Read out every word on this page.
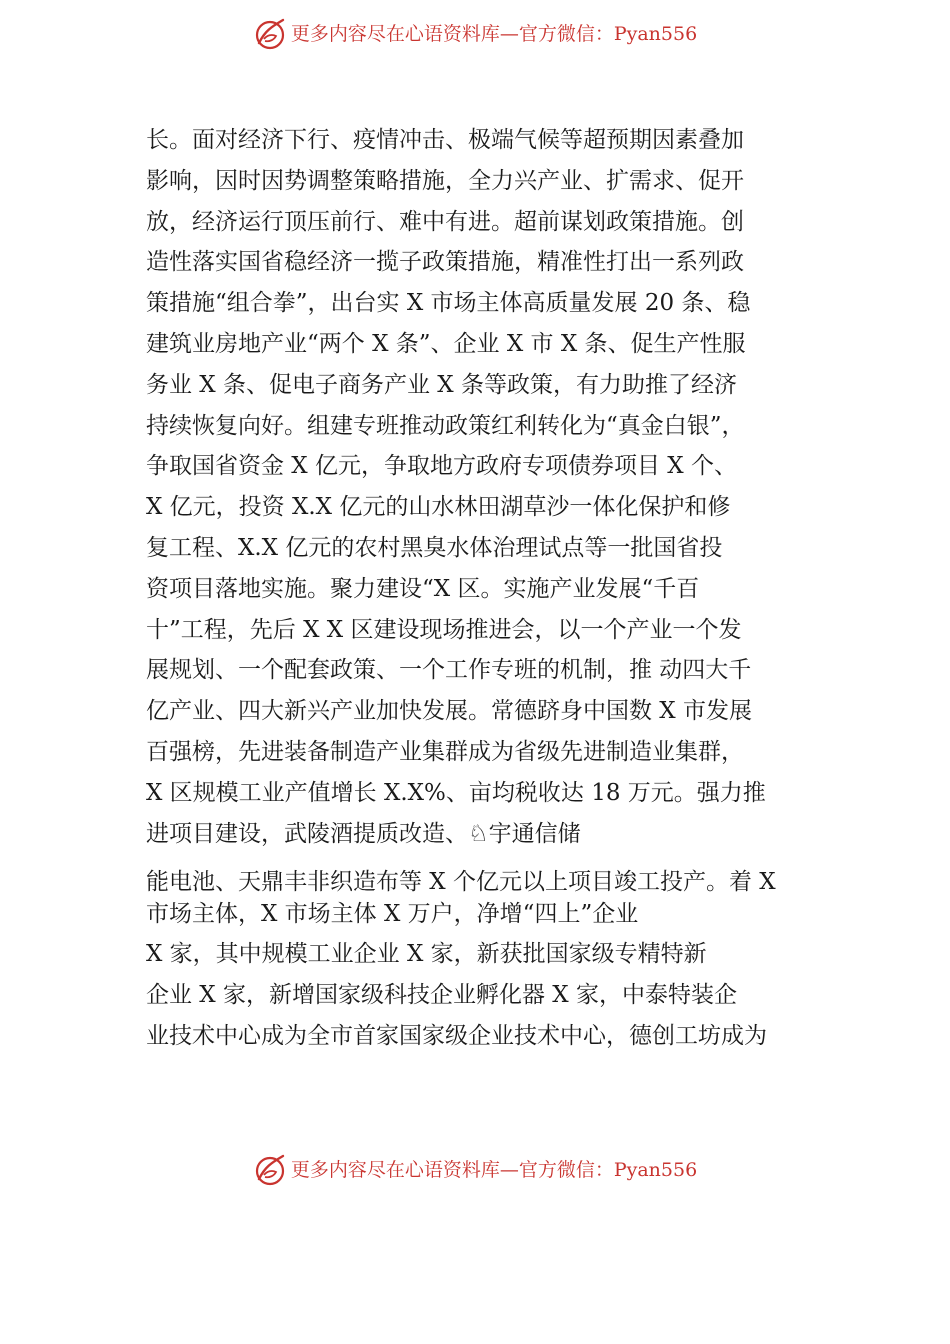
更多内容尽在心语资料库—官方微信：Pyan556
长。面对经济下行、疫情冲击、极端气候等超预期因素叠加
影响，因时因势调整策略措施，全力兴产业、扩需求、促开
放，经济运行顶压前行、难中有进。超前谋划政策措施。创
造性落实国省稳经济一揽子政策措施，精准性打出一系列政
策措施“组合拳”，出台实 X 市场主体高质量发展 20 条、稳
建筑业房地产业“两个 X 条”、企业 X 市 X 条、促生产性服
务业 X 条、促电子商务产业 X 条等政策，有力助推了经济
持续恢复向好。组建专班推动政策红利转化为“真金白银”，
争取国省资金 X 亿元，争取地方政府专项债券项目 X 个、
X 亿元，投资 X.X 亿元的山水林田湖草沙一体化保护和修
复工程、X.X 亿元的农村黑臭水体治理试点等一批国省投
资项目落地实施。聚力建设“X 区。实施产业发展“千百
十”工程，先后 X X 区建设现场推进会，以一个产业一个发
展规划、一个配套政策、一个工作专班的机制，推 动四大千
亿产业、四大新兴产业加快发展。常德跻身中国数 X 市发展
百强榜，先进装备制造产业集群成为省级先进制造业集群，
X 区规模工业产值增长 X.X%、亩均税收达 18 万元。强力推
进项目建设，武陵酒提质改造、♘宇通信储
能电池、天鼎丰非织造布等 X 个亿元以上项目竣工投产。着 X
市场主体，X 市场主体 X 万户，净增“四上”企业
X 家，其中规模工业企业 X 家，新获批国家级专精特新
企业 X 家，新增国家级科技企业孵化器 X 家，中泰特装企
业技术中心成为全市首家国家级企业技术中心，德创工坊成为
更多内容尽在心语资料库—官方微信：Pyan556
